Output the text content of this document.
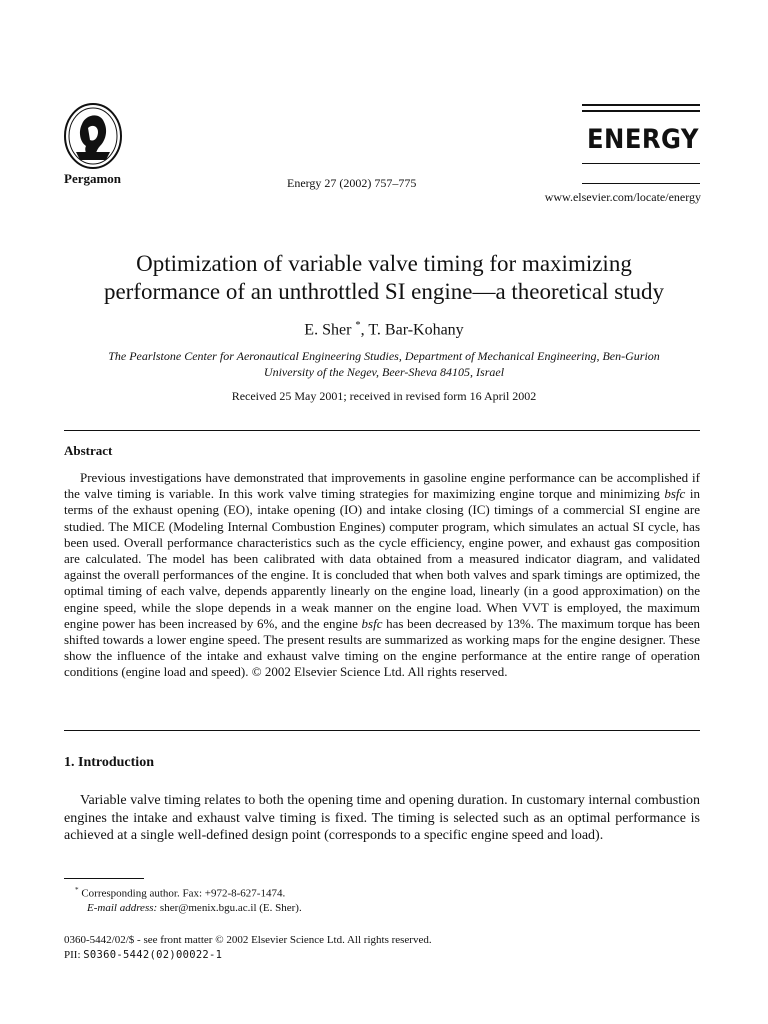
Pergamon	Energy 27 (2002) 757–775
ENERGY
www.elsevier.com/locate/energy
Optimization of variable valve timing for maximizing
performance of an unthrottled SI engine—a theoretical study
E. Sher *, T. Bar-Kohany
The Pearlstone Center for Aeronautical Engineering Studies, Department of Mechanical Engineering, Ben-Gurion
University of the Negev, Beer-Sheva 84105, Israel
Received 25 May 2001; received in revised form 16 April 2002
Abstract
Previous investigations have demonstrated that improvements in gasoline engine performance can be accomplished if the valve timing is variable. In this work valve timing strategies for maximizing engine torque and minimizing bsfc in terms of the exhaust opening (EO), intake opening (IO) and intake closing (IC) timings of a commercial SI engine are studied. The MICE (Modeling Internal Combustion Engines) computer program, which simulates an actual SI cycle, has been used. Overall performance characteristics such as the cycle efficiency, engine power, and exhaust gas composition are calculated. The model has been calibrated with data obtained from a measured indicator diagram, and validated against the overall performances of the engine. It is concluded that when both valves and spark timings are optimized, the optimal timing of each valve, depends apparently linearly on the engine load, linearly (in a good approximation) on the engine speed, while the slope depends in a weak manner on the engine load. When VVT is employed, the maximum engine power has been increased by 6%, and the engine bsfc has been decreased by 13%. The maximum torque has been shifted towards a lower engine speed. The present results are summarized as working maps for the engine designer. These show the influence of the intake and exhaust valve timing on the engine performance at the entire range of operation conditions (engine load and speed). © 2002 Elsevier Science Ltd. All rights reserved.
1. Introduction
Variable valve timing relates to both the opening time and opening duration. In customary internal combustion engines the intake and exhaust valve timing is fixed. The timing is selected such as an optimal performance is achieved at a single well-defined design point (corresponds to a specific engine speed and load).
* Corresponding author. Fax: +972-8-627-1474.
E-mail address: sher@menix.bgu.ac.il (E. Sher).
0360-5442/02/$ - see front matter © 2002 Elsevier Science Ltd. All rights reserved.
PII: S0360-5442(02)00022-1
